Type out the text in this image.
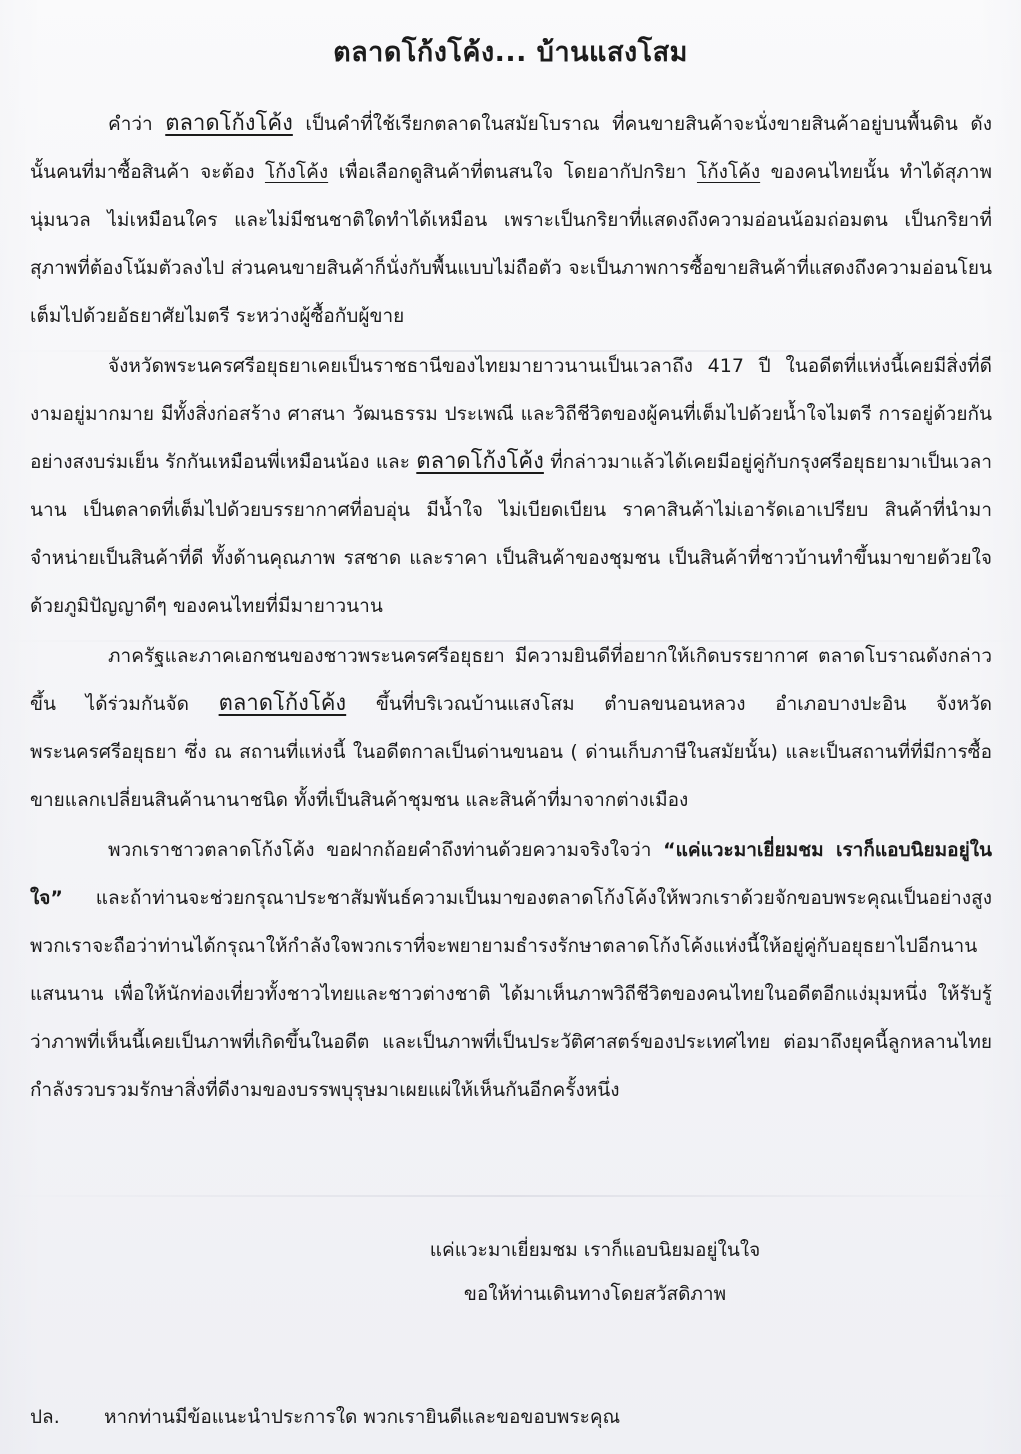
ตลาดโก้งโค้ง... บ้านแสงโสม

คำว่า ตลาดโก้งโค้ง เป็นคำที่ใช้เรียกตลาดในสมัยโบราณ ที่คนขายสินค้าจะนั่งขายสินค้าอยู่บนพื้นดิน ดังนั้นคนที่มาซื้อสินค้า จะต้อง โก้งโค้ง เพื่อเลือกดูสินค้าที่ตนสนใจ โดยอากัปกริยา โก้งโค้ง ของคนไทยนั้น ทำได้สุภาพ นุ่มนวล ไม่เหมือนใคร และไม่มีชนชาติใดทำได้เหมือน เพราะเป็นกริยาที่แสดงถึงความอ่อนน้อมถ่อมตน เป็นกริยาที่สุภาพที่ต้องโน้มตัวลงไป ส่วนคนขายสินค้าก็นั่งกับพื้นแบบไม่ถือตัว จะเป็นภาพการซื้อขายสินค้าที่แสดงถึงความอ่อนโยน เต็มไปด้วยอัธยาศัยไมตรี ระหว่างผู้ซื้อกับผู้ขาย

จังหวัดพระนครศรีอยุธยาเคยเป็นราชธานีของไทยมายาวนานเป็นเวลาถึง 417 ปี ในอดีตที่แห่งนี้เคยมีสิ่งที่ดีงามอยู่มากมาย มีทั้งสิ่งก่อสร้าง ศาสนา วัฒนธรรม ประเพณี และวิถีชีวิตของผู้คนที่เต็มไปด้วยน้ำใจไมตรี การอยู่ด้วยกันอย่างสงบร่มเย็น รักกันเหมือนพี่เหมือนน้อง และ ตลาดโก้งโค้ง ที่กล่าวมาแล้วได้เคยมีอยู่คู่กับกรุงศรีอยุธยามาเป็นเวลานาน เป็นตลาดที่เต็มไปด้วยบรรยากาศที่อบอุ่น มีน้ำใจ ไม่เบียดเบียน ราคาสินค้าไม่เอารัดเอาเปรียบ สินค้าที่นำมาจำหน่ายเป็นสินค้าที่ดี ทั้งด้านคุณภาพ รสชาด และราคา เป็นสินค้าของชุมชน เป็นสินค้าที่ชาวบ้านทำขึ้นมาขายด้วยใจ ด้วยภูมิปัญญาดีๆ ของคนไทยที่มีมายาวนาน

ภาครัฐและภาคเอกชนของชาวพระนครศรีอยุธยา มีความยินดีที่อยากให้เกิดบรรยากาศ ตลาดโบราณดังกล่าวขึ้น ได้ร่วมกันจัด ตลาดโก้งโค้ง ขึ้นที่บริเวณบ้านแสงโสม ตำบลขนอนหลวง อำเภอบางปะอิน จังหวัดพระนครศรีอยุธยา ซึ่ง ณ สถานที่แห่งนี้ ในอดีตกาลเป็นด่านขนอน ( ด่านเก็บภาษีในสมัยนั้น) และเป็นสถานที่ที่มีการซื้อขายแลกเปลี่ยนสินค้านานาชนิด ทั้งที่เป็นสินค้าชุมชน และสินค้าที่มาจากต่างเมือง

พวกเราชาวตลาดโก้งโค้ง ขอฝากถ้อยคำถึงท่านด้วยความจริงใจว่า “แค่แวะมาเยี่ยมชม เราก็แอบนิยมอยู่ในใจ” และถ้าท่านจะช่วยกรุณาประชาสัมพันธ์ความเป็นมาของตลาดโก้งโค้งให้พวกเราด้วยจักขอบพระคุณเป็นอย่างสูง พวกเราจะถือว่าท่านได้กรุณาให้กำลังใจพวกเราที่จะพยายามธำรงรักษาตลาดโก้งโค้งแห่งนี้ให้อยู่คู่กับอยุธยาไปอีกนานแสนนาน เพื่อให้นักท่องเที่ยวทั้งชาวไทยและชาวต่างชาติ ได้มาเห็นภาพวิถีชีวิตของคนไทยในอดีตอีกแง่มุมหนึ่ง ให้รับรู้ว่าภาพที่เห็นนี้เคยเป็นภาพที่เกิดขึ้นในอดีต และเป็นภาพที่เป็นประวัติศาสตร์ของประเทศไทย ต่อมาถึงยุคนี้ลูกหลานไทยกำลังรวบรวมรักษาสิ่งที่ดีงามของบรรพบุรุษมาเผยแผ่ให้เห็นกันอีกครั้งหนึ่ง

แค่แวะมาเยี่ยมชม เราก็แอบนิยมอยู่ในใจ
ขอให้ท่านเดินทางโดยสวัสดิภาพ
ปล. หากท่านมีข้อแนะนำประการใด พวกเรายินดีและขอขอบพระคุณ
